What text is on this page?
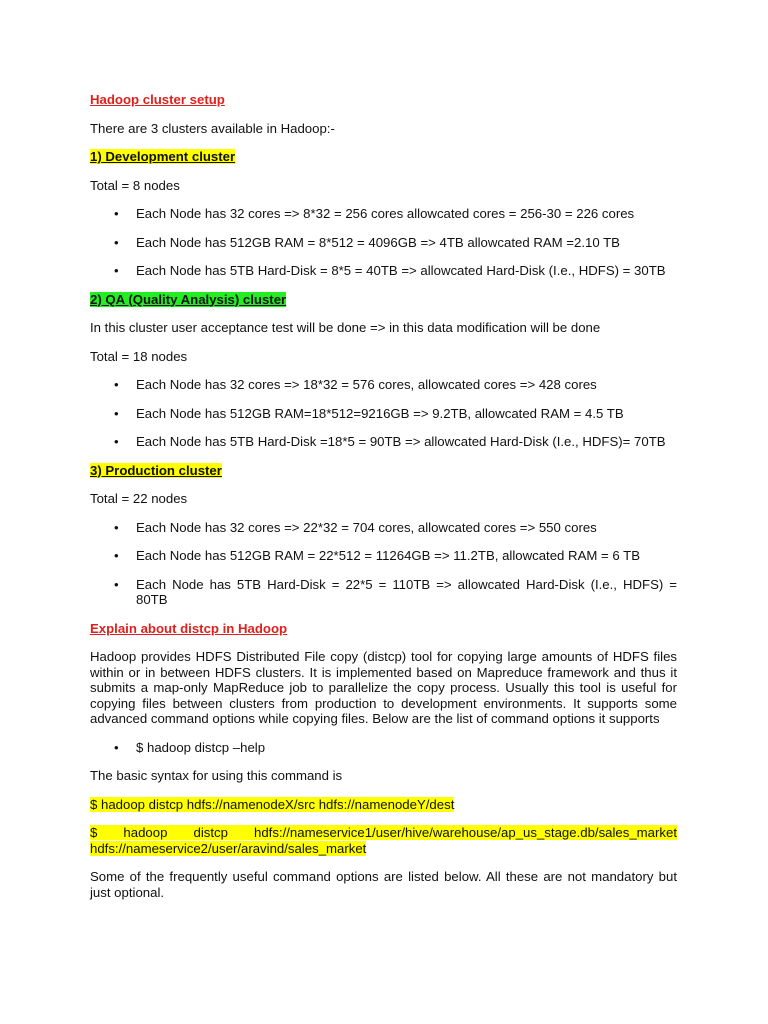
Hadoop cluster setup

There are 3 clusters available in Hadoop:-

1) Development cluster

Total = 8 nodes

• Each Node has 32 cores => 8*32 = 256 cores allowcated cores = 256-30 = 226 cores
• Each Node has 512GB RAM = 8*512 = 4096GB => 4TB allowcated RAM =2.10 TB
• Each Node has 5TB Hard-Disk = 8*5 = 40TB => allowcated Hard-Disk (I.e., HDFS) = 30TB

2) QA (Quality Analysis) cluster

In this cluster user acceptance test will be done => in this data modification will be done

Total = 18 nodes

• Each Node has 32 cores => 18*32 = 576 cores, allowcated cores => 428 cores
• Each Node has 512GB RAM=18*512=9216GB => 9.2TB, allowcated RAM = 4.5 TB
• Each Node has 5TB Hard-Disk =18*5 = 90TB => allowcated Hard-Disk (I.e., HDFS)= 70TB

3) Production cluster

Total = 22 nodes

• Each Node has 32 cores => 22*32 = 704 cores, allowcated cores => 550 cores
• Each Node has 512GB RAM = 22*512 = 11264GB => 11.2TB, allowcated RAM = 6 TB
• Each Node has 5TB Hard-Disk = 22*5 = 110TB => allowcated Hard-Disk (I.e., HDFS) = 80TB

Explain about distcp in Hadoop

Hadoop provides HDFS Distributed File copy (distcp) tool for copying large amounts of HDFS files within or in between HDFS clusters. It is implemented based on Mapreduce framework and thus it submits a map-only MapReduce job to parallelize the copy process. Usually this tool is useful for copying files between clusters from production to development environments. It supports some advanced command options while copying files. Below are the list of command options it supports

• $ hadoop distcp –help

The basic syntax for using this command is

$ hadoop distcp hdfs://namenodeX/src hdfs://namenodeY/dest

$ hadoop distcp hdfs://nameservice1/user/hive/warehouse/ap_us_stage.db/sales_market hdfs://nameservice2/user/aravind/sales_market

Some of the frequently useful command options are listed below. All these are not mandatory but just optional.
